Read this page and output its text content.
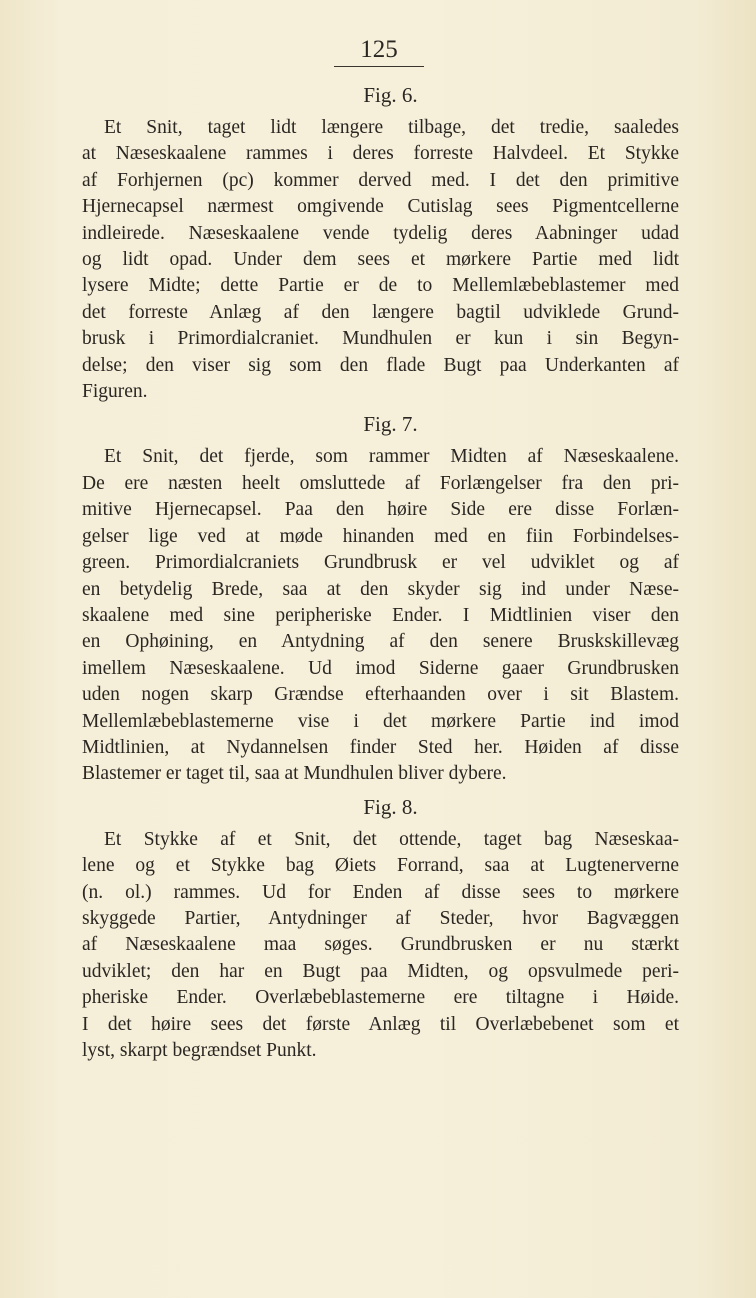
125
Fig. 6.

Et Snit, taget lidt længere tilbage, det tredie, saaledes
at Næseskaalene rammes i deres forreste Halvdeel. Et Stykke
af Forhjernen (pc) kommer derved med. I det den primitive
Hjernecapsel nærmest omgivende Cutislag sees Pigmentcellerne
indleirede. Næseskaalene vende tydelig deres Aabninger udad
og lidt opad. Under dem sees et mørkere Partie med lidt
lysere Midte; dette Partie er de to Mellemlæbeblastemer med
det forreste Anlæg af den længere bagtil udviklede Grund-
brusk i Primordialcraniet. Mundhulen er kun i sin Begyn-
delse; den viser sig som den flade Bugt paa Underkanten af
Figuren.

Fig. 7.

Et Snit, det fjerde, som rammer Midten af Næseskaalene.
De ere næsten heelt omsluttede af Forlængelser fra den pri-
mitive Hjernecapsel. Paa den høire Side ere disse Forlæn-
gelser lige ved at møde hinanden med en fiin Forbindelses-
green. Primordialcraniets Grundbrusk er vel udviklet og af
en betydelig Brede, saa at den skyder sig ind under Næse-
skaalene med sine peripheriske Ender. I Midtlinien viser den
en Ophøining, en Antydning af den senere Bruskskillevæg
imellem Næseskaalene. Ud imod Siderne gaaer Grundbrusken
uden nogen skarp Grændse efterhaanden over i sit Blastem.
Mellemlæbeblastemerne vise i det mørkere Partie ind imod
Midtlinien, at Nydannelsen finder Sted her. Høiden af disse
Blastemer er taget til, saa at Mundhulen bliver dybere.

Fig. 8.

Et Stykke af et Snit, det ottende, taget bag Næseskaa-
lene og et Stykke bag Øiets Forrand, saa at Lugtenerverne
(n. ol.) rammes. Ud for Enden af disse sees to mørkere
skyggede Partier, Antydninger af Steder, hvor Bagvæggen
af Næseskaalene maa søges. Grundbrusken er nu stærkt
udviklet; den har en Bugt paa Midten, og opsvulmede peri-
pheriske Ender. Overlæbeblastemerne ere tiltagne i Høide.
I det høire sees det første Anlæg til Overlæbebenet som et
lyst, skarpt begrændset Punkt.
